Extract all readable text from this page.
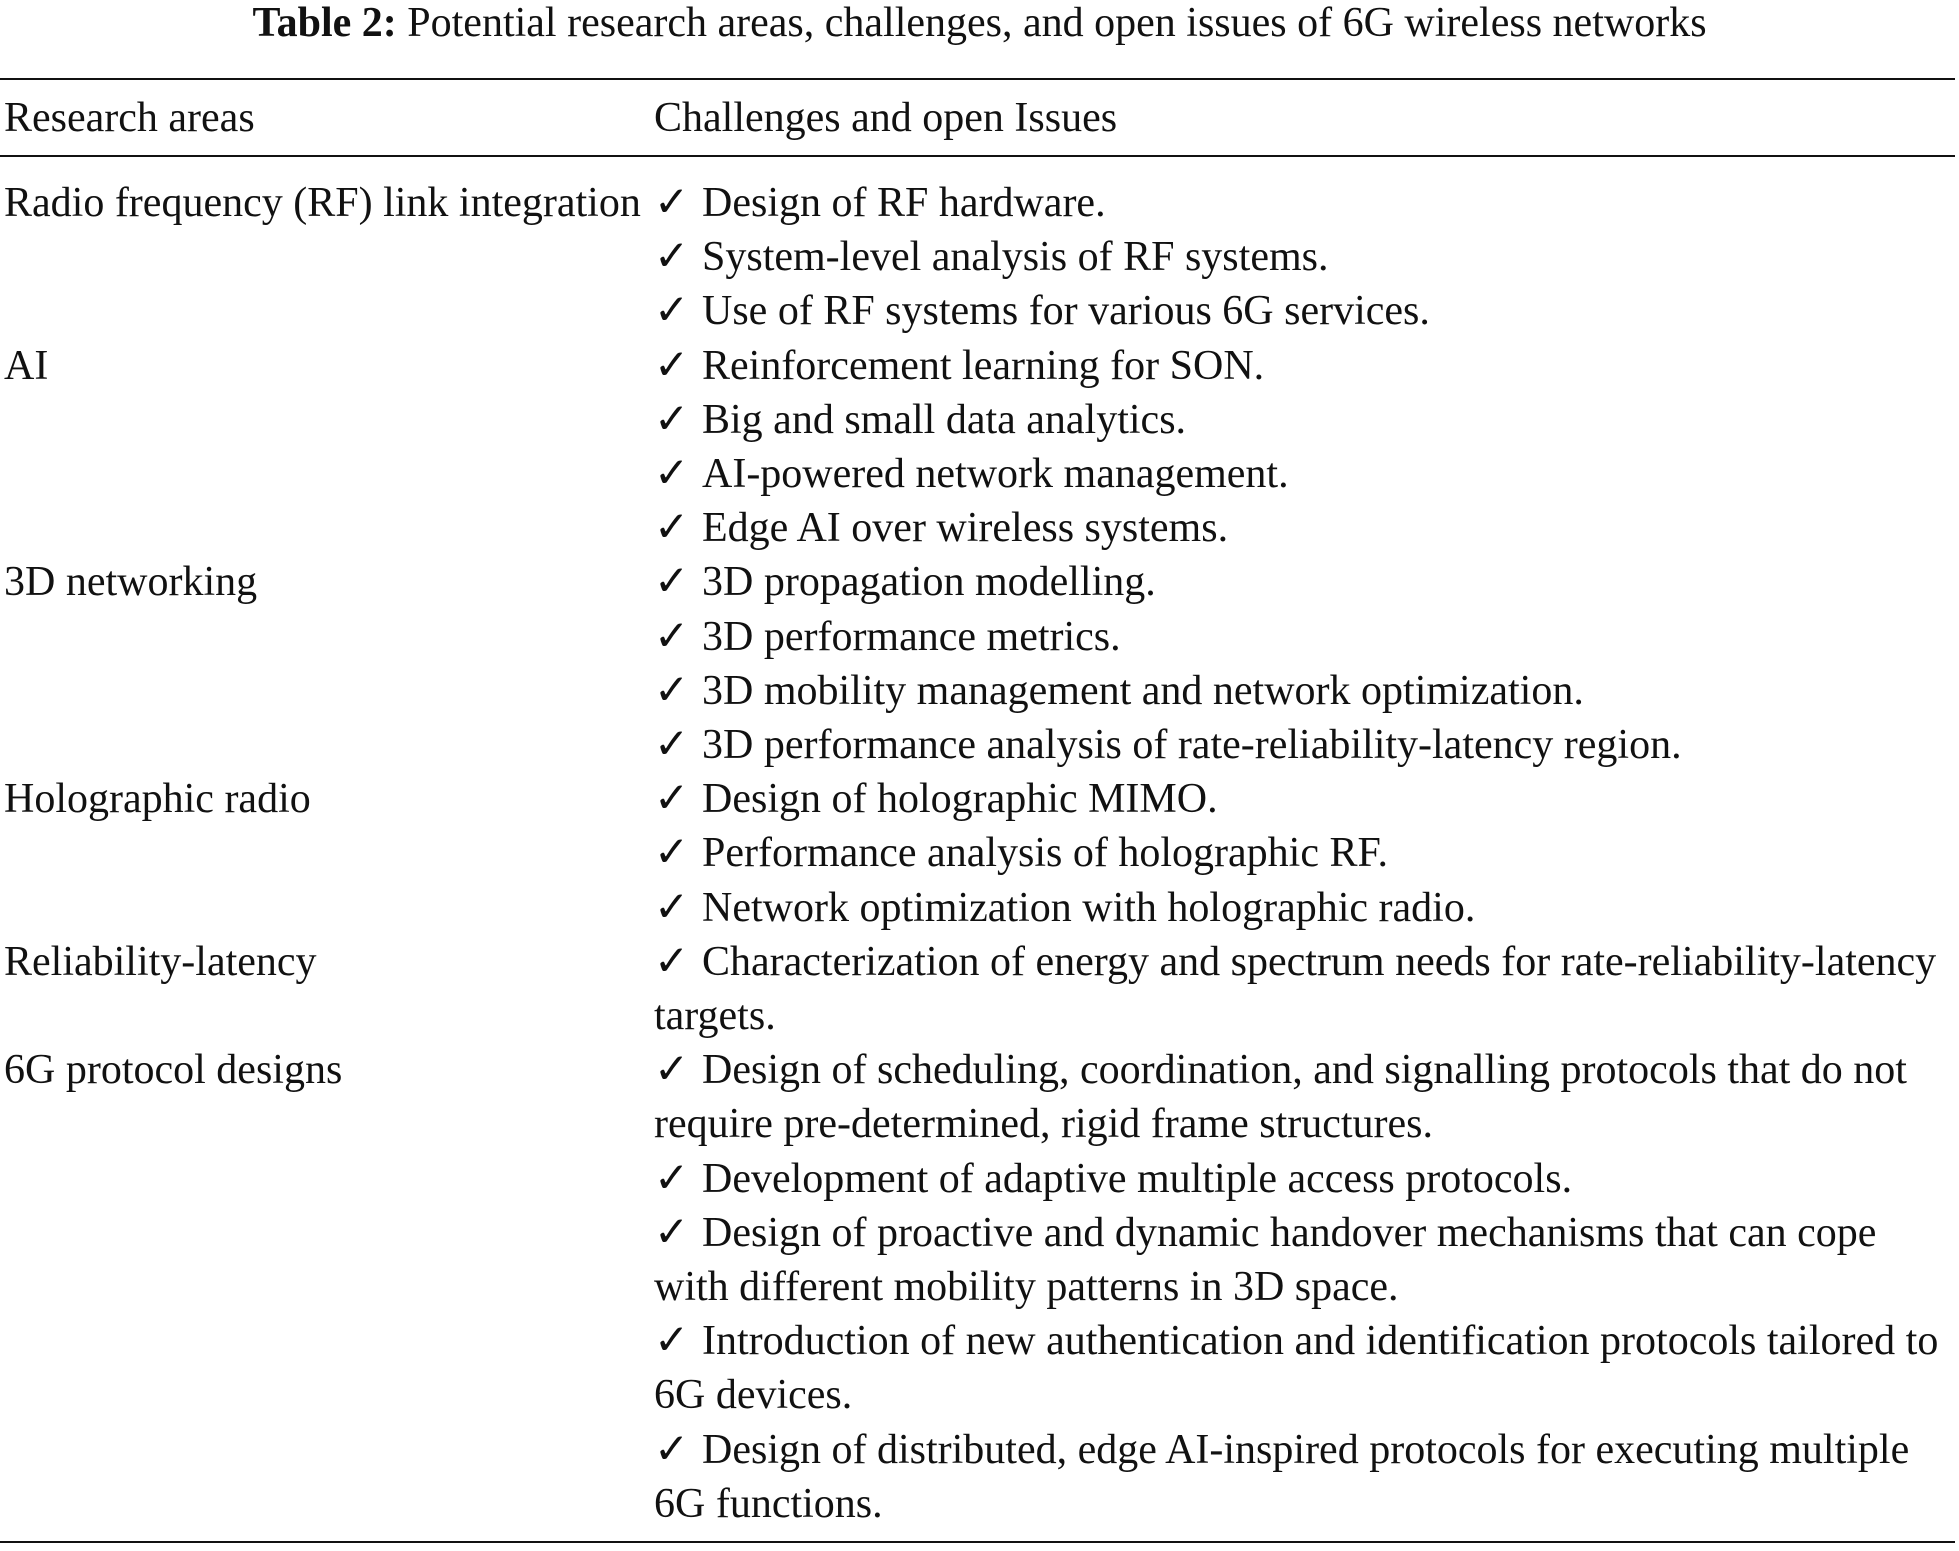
Table 2: Potential research areas, challenges, and open issues of 6G wireless networks
Research areas	Challenges and open Issues
Radio frequency (RF) link integration ✓ Design of RF hardware.
✓ System-level analysis of RF systems.
✓ Use of RF systems for various 6G services.
AI	✓ Reinforcement learning for SON.
✓ Big and small data analytics.
✓ AI-powered network management.
✓ Edge AI over wireless systems.
3D networking	✓ 3D propagation modelling.
✓ 3D performance metrics.
✓ 3D mobility management and network optimization.
✓ 3D performance analysis of rate-reliability-latency region.
Holographic radio	✓ Design of holographic MIMO.
✓ Performance analysis of holographic RF.
✓ Network optimization with holographic radio.
Reliability-latency	✓ Characterization of energy and spectrum needs for rate-reliability-latency targets.
6G protocol designs	✓ Design of scheduling, coordination, and signalling protocols that do not require pre-determined, rigid frame structures.
✓ Development of adaptive multiple access protocols.
✓ Design of proactive and dynamic handover mechanisms that can cope with different mobility patterns in 3D space.
✓ Introduction of new authentication and identification protocols tailored to 6G devices.
✓ Design of distributed, edge AI-inspired protocols for executing multiple 6G functions.
